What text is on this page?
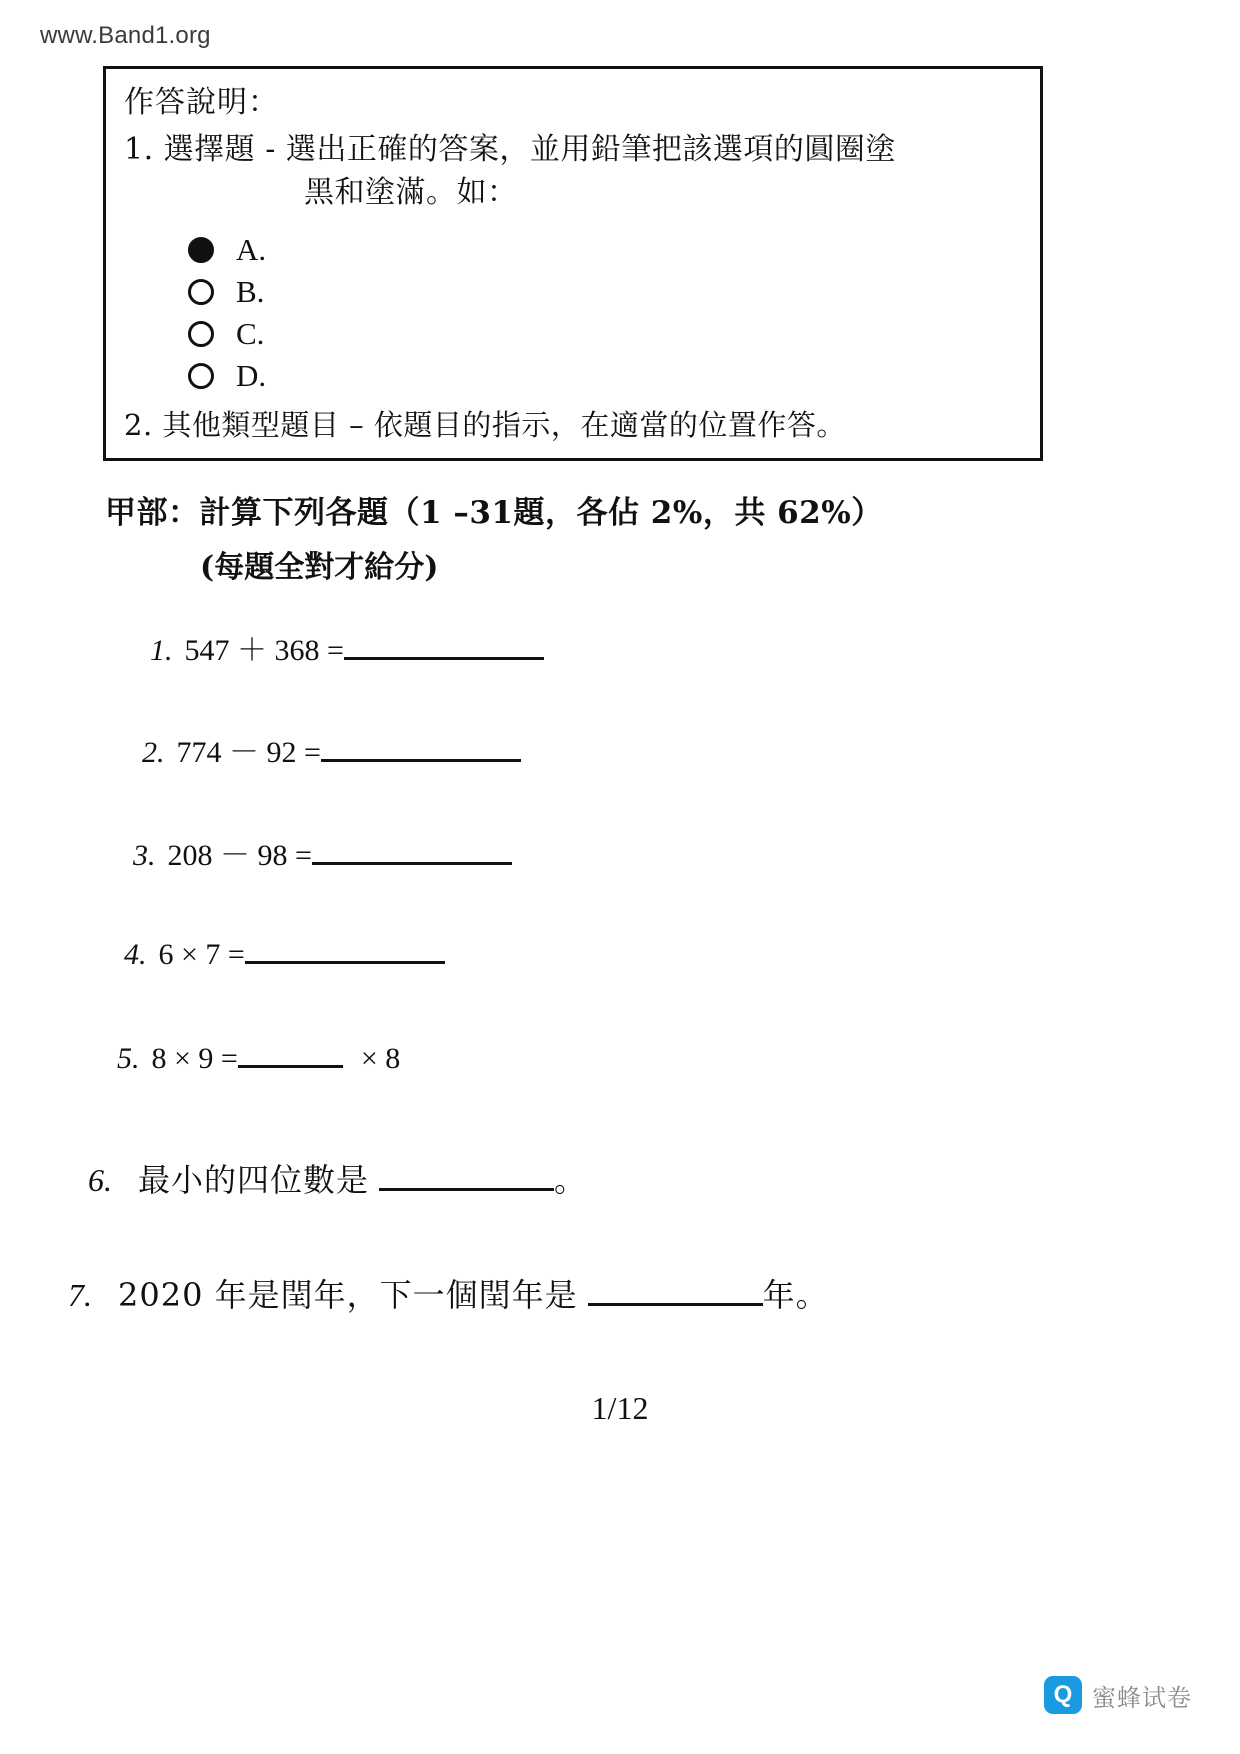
www.Band1.org
作答說明：
1. 選擇題 - 選出正確的答案，並用鉛筆把該選項的圓圈塗
黑和塗滿。如：
A.
B.
C.
D.
2. 其他類型題目 – 依題目的指示，在適當的位置作答。
甲部：計算下列各題（1 –31題，各佔 2%，共 62%）
(每題全對才給分)
1. 547 ＋ 368 =
2. 774 － 92 =
3. 208 － 98 =
4. 6 × 7 =
5. 8 × 9 =	× 8
6. 最小的四位數是	。
7. 2020 年是閏年，下一個閏年是	年。
1/12
Q 蜜蜂试卷
